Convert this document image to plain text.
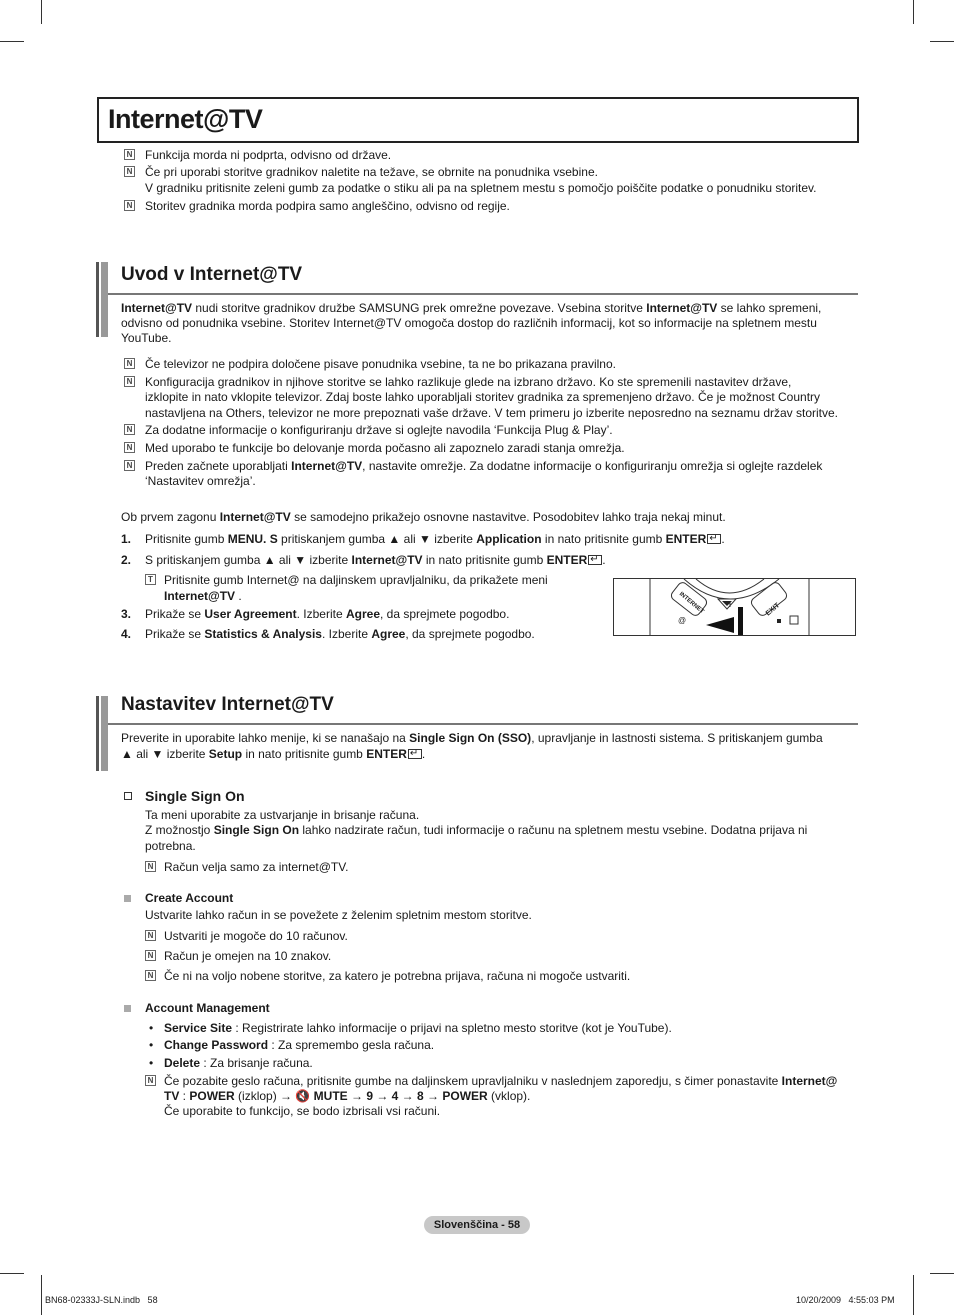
Internet@TV
N Funkcija morda ni podprta, odvisno od države.
N Če pri uporabi storitve gradnikov naletite na težave, se obrnite na ponudnika vsebine.
V gradniku pritisnite zeleni gumb za podatke o stiku ali pa na spletnem mestu s pomočjo poiščite podatke o ponudniku storitev.
N Storitev gradnika morda podpira samo angleščino, odvisno od regije.
Uvod v Internet@TV
Internet@TV nudi storitve gradnikov družbe SAMSUNG prek omrežne povezave. Vsebina storitve Internet@TV se lahko spremeni,
odvisno od ponudnika vsebine. Storitev Internet@TV omogoča dostop do različnih informacij, kot so informacije na spletnem mestu
YouTube.
N Če televizor ne podpira določene pisave ponudnika vsebine, ta ne bo prikazana pravilno.
N Konfiguracija gradnikov in njihove storitve se lahko razlikuje glede na izbrano državo. Ko ste spremenili nastavitev države,
izklopite in nato vklopite televizor. Zdaj boste lahko uporabljali storitev gradnika za spremenjeno državo. Če je možnost Country
nastavljena na Others, televizor ne more prepoznati vaše države. V tem primeru jo izberite neposredno na seznamu držav storitve.
N Za dodatne informacije o konfiguriranju države si oglejte navodila ‘Funkcija Plug & Play’.
N Med uporabo te funkcije bo delovanje morda počasno ali zapoznelo zaradi stanja omrežja.
N Preden začnete uporabljati Internet@TV, nastavite omrežje. Za dodatne informacije o konfiguriranju omrežja si oglejte razdelek
‘Nastavitev omrežja’.
Ob prvem zagonu Internet@TV se samodejno prikažejo osnovne nastavitve. Posodobitev lahko traja nekaj minut.
1. Pritisnite gumb MENU. S pritiskanjem gumba ▲ ali ▼ izberite Application in nato pritisnite gumb ENTER ↵ .
2. S pritiskanjem gumba ▲ ali ▼ izberite Internet@TV in nato pritisnite gumb ENTER ↵ .
T Pritisnite gumb Internet@ na daljinskem upravljalniku, da prikažete meni
Internet@TV .
3. Prikaže se User Agreement. Izberite Agree, da sprejmete pogodbo.
4. Prikaže se Statistics & Analysis. Izberite Agree, da sprejmete pogodbo.
INTERNET
@
EXIT
Nastavitev Internet@TV
Preverite in uporabite lahko menije, ki se nanašajo na Single Sign On (SSO), upravljanje in lastnosti sistema. S pritiskanjem gumba
▲ ali ▼ izberite Setup in nato pritisnite gumb ENTER ↵ .
Single Sign On
Ta meni uporabite za ustvarjanje in brisanje računa.
Z možnostjo Single Sign On lahko nadzirate račun, tudi informacije o računu na spletnem mestu vsebine. Dodatna prijava ni
potrebna.
N Račun velja samo za internet@TV.
Create Account
Ustvarite lahko račun in se povežete z želenim spletnim mestom storitve.
N Ustvariti je mogoče do 10 računov.
N Račun je omejen na 10 znakov.
N Če ni na voljo nobene storitve, za katero je potrebna prijava, računa ni mogoče ustvariti.
Account Management
• Service Site : Registrirate lahko informacije o prijavi na spletno mesto storitve (kot je YouTube).
• Change Password : Za spremembo gesla računa.
• Delete : Za brisanje računa.
N Če pozabite geslo računa, pritisnite gumbe na daljinskem upravljalniku v naslednjem zaporedju, s čimer ponastavite Internet@
TV : POWER (izklop) → 🔇 MUTE → 9 → 4 → 8 → POWER (vklop).
Če uporabite to funkcijo, se bodo izbrisali vsi računi.
Slovenščina - 58
BN68-02333J-SLN.indb   58	10/20/2009   4:55:03 PM
